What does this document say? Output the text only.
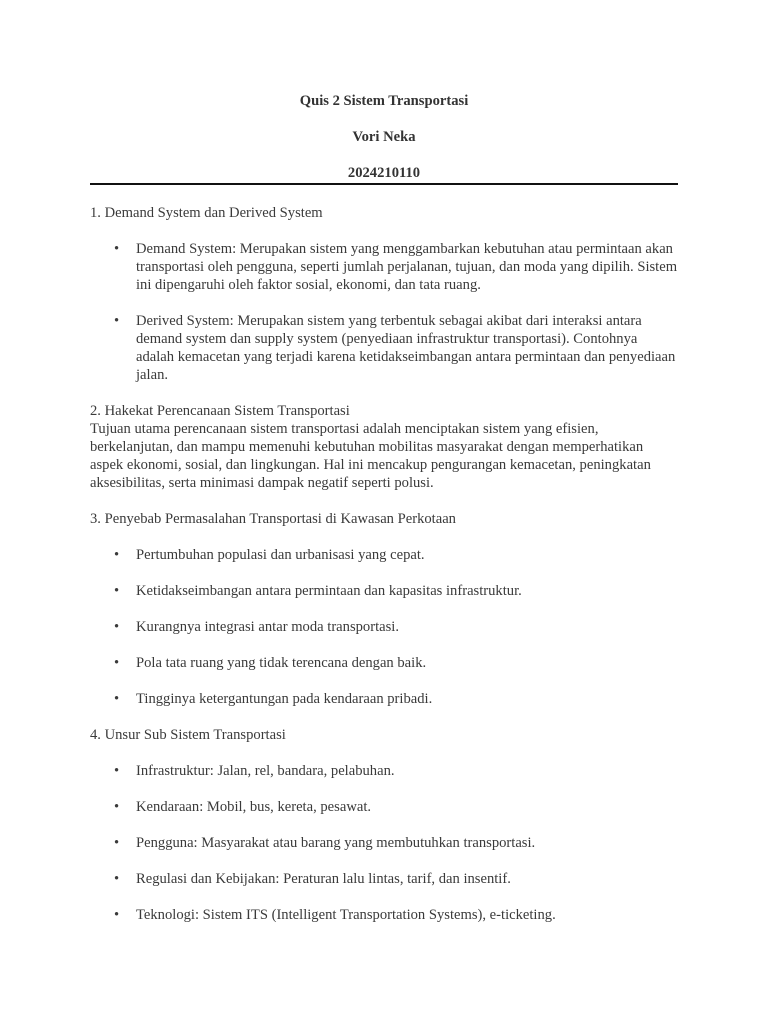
Quis 2 Sistem Transportasi
Vori Neka
2024210110

1. Demand System dan Derived System

• Demand System: Merupakan sistem yang menggambarkan kebutuhan atau permintaan akan transportasi oleh pengguna, seperti jumlah perjalanan, tujuan, dan moda yang dipilih. Sistem ini dipengaruhi oleh faktor sosial, ekonomi, dan tata ruang.
• Derived System: Merupakan sistem yang terbentuk sebagai akibat dari interaksi antara demand system dan supply system (penyediaan infrastruktur transportasi). Contohnya adalah kemacetan yang terjadi karena ketidakseimbangan antara permintaan dan penyediaan jalan.

2. Hakekat Perencanaan Sistem Transportasi

Tujuan utama perencanaan sistem transportasi adalah menciptakan sistem yang efisien, berkelanjutan, dan mampu memenuhi kebutuhan mobilitas masyarakat dengan memperhatikan aspek ekonomi, sosial, dan lingkungan. Hal ini mencakup pengurangan kemacetan, peningkatan aksesibilitas, serta minimasi dampak negatif seperti polusi.

3. Penyebab Permasalahan Transportasi di Kawasan Perkotaan

• Pertumbuhan populasi dan urbanisasi yang cepat.
• Ketidakseimbangan antara permintaan dan kapasitas infrastruktur.
• Kurangnya integrasi antar moda transportasi.
• Pola tata ruang yang tidak terencana dengan baik.
• Tingginya ketergantungan pada kendaraan pribadi.

4. Unsur Sub Sistem Transportasi

• Infrastruktur: Jalan, rel, bandara, pelabuhan.
• Kendaraan: Mobil, bus, kereta, pesawat.
• Pengguna: Masyarakat atau barang yang membutuhkan transportasi.
• Regulasi dan Kebijakan: Peraturan lalu lintas, tarif, dan insentif.
• Teknologi: Sistem ITS (Intelligent Transportation Systems), e-ticketing.
